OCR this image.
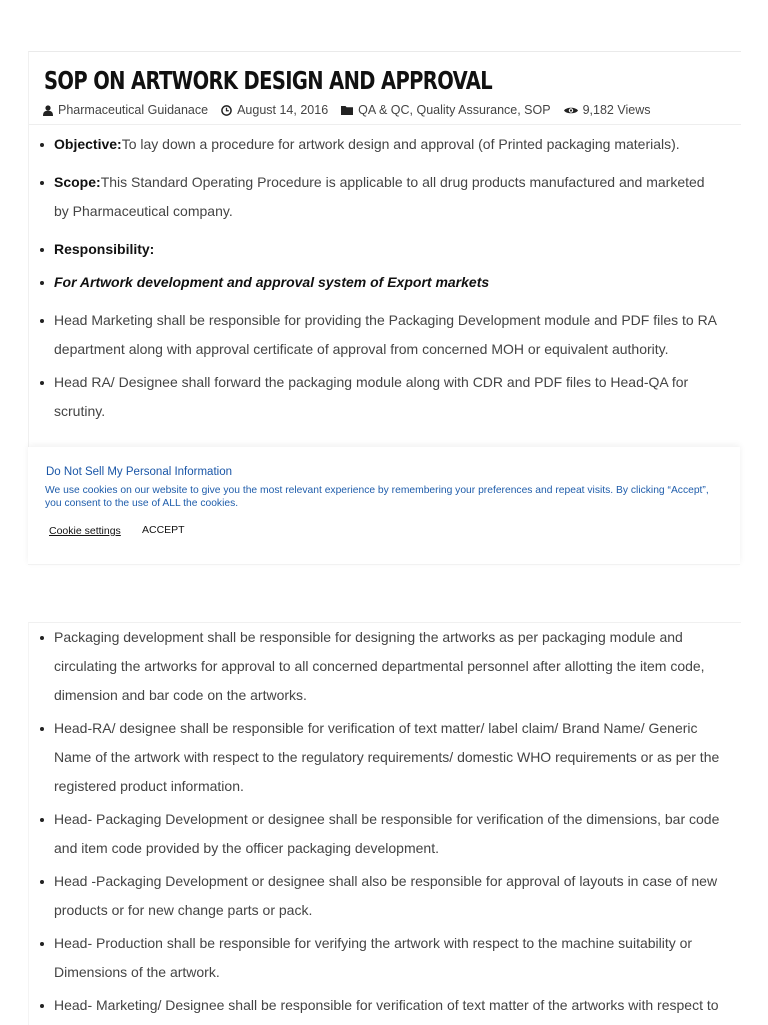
SOP ON ARTWORK DESIGN AND APPROVAL
Pharmaceutical Guidanace August 14, 2016 QA & QC, Quality Assurance, SOP	9,182 Views
Objective:To lay down a procedure for artwork design and approval (of Printed packaging materials).
Scope:This Standard Operating Procedure is applicable to all drug products manufactured and marketed
by Pharmaceutical company.
Responsibility:
For Artwork development and approval system of Export markets
Head Marketing shall be responsible for providing the Packaging Development module and PDF files to RA
department along with approval certificate of approval from concerned MOH or equivalent authority.
Head RA/ Designee shall forward the packaging module along with CDR and PDF files to Head-QA for
scrutiny.
Do Not Sell My Personal Information
We use cookies on our website to give you the most relevant experience by remembering your preferences and repeat visits. By clicking “Accept”, you consent to the use of ALL the cookies.
Cookie settings ACCEPT
Packaging development shall be responsible for designing the artworks as per packaging module and
circulating the artworks for approval to all concerned departmental personnel after allotting the item code,
dimension and bar code on the artworks.
Head-RA/ designee shall be responsible for verification of text matter/ label claim/ Brand Name/ Generic
Name of the artwork with respect to the regulatory requirements/ domestic WHO requirements or as per the
registered product information.
Head- Packaging Development or designee shall be responsible for verification of the dimensions, bar code
and item code provided by the officer packaging development.
Head -Packaging Development or designee shall also be responsible for approval of layouts in case of new
products or for new change parts or pack.
Head- Production shall be responsible for verifying the artwork with respect to the machine suitability or
Dimensions of the artwork.
Head- Marketing/ Designee shall be responsible for verification of text matter of the artworks with respect to
